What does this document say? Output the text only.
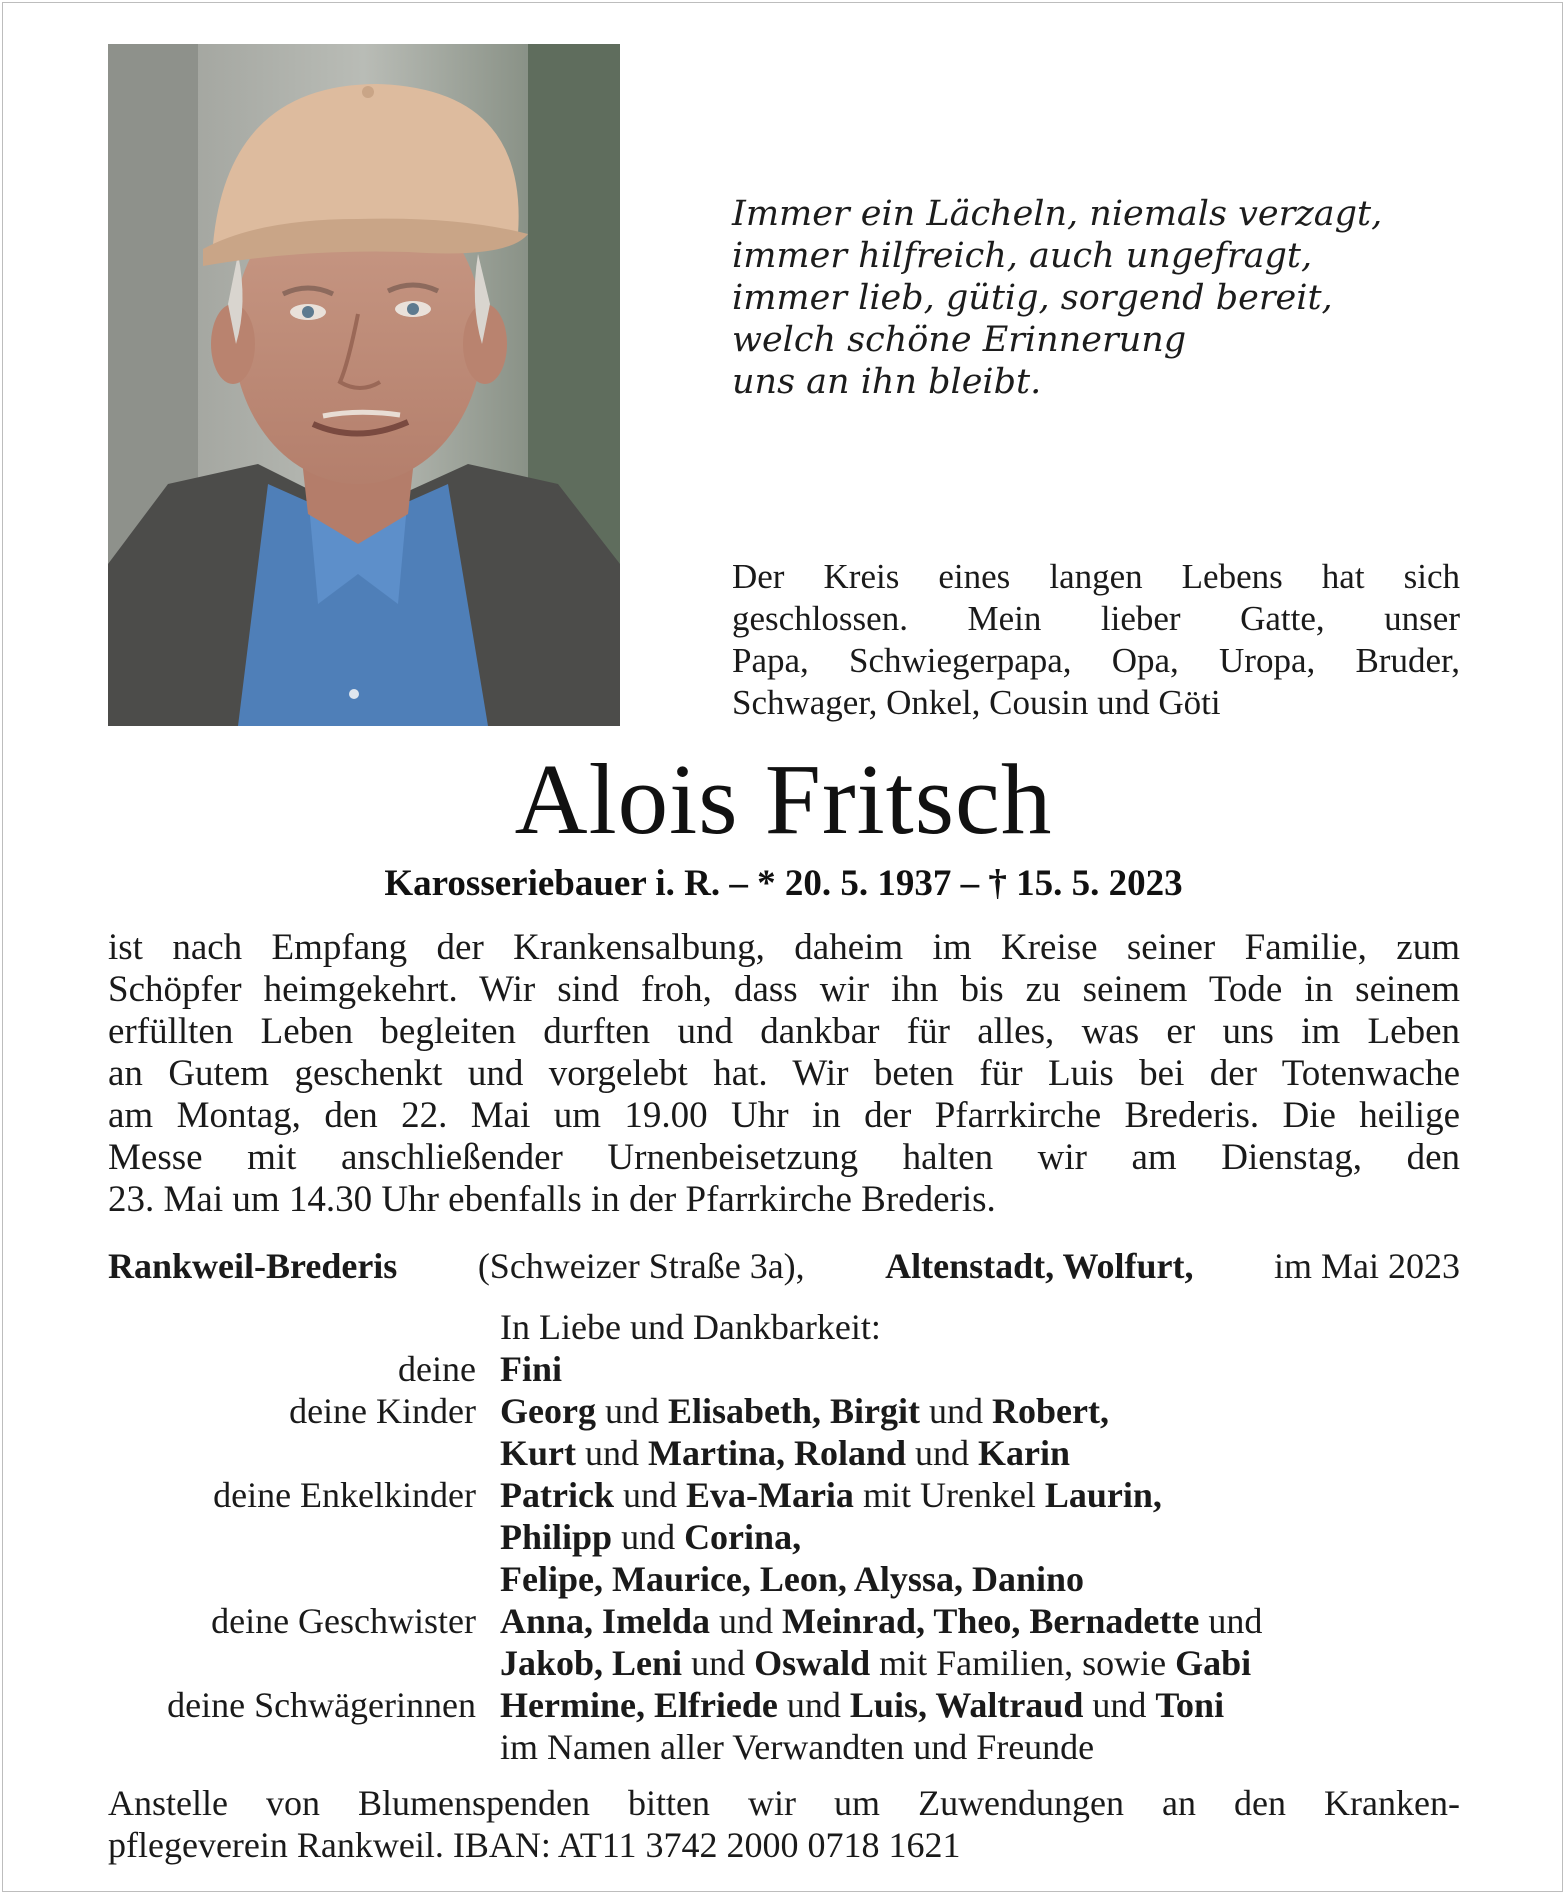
Immer ein Lächeln, niemals verzagt,
immer hilfreich, auch ungefragt,
immer lieb, gütig, sorgend bereit,
welch schöne Erinnerung
uns an ihn bleibt.
Der Kreis eines langen Lebens hat sich
geschlossen. Mein lieber Gatte, unser
Papa, Schwiegerpapa, Opa, Uropa, Bruder,
Schwager, Onkel, Cousin und Göti
Alois Fritsch
Karosseriebauer i. R. – * 20. 5. 1937 – † 15. 5. 2023
ist nach Empfang der Krankensalbung, daheim im Kreise seiner Familie, zum
Schöpfer heimgekehrt. Wir sind froh, dass wir ihn bis zu seinem Tode in seinem
erfüllten Leben begleiten durften und dankbar für alles, was er uns im Leben
an Gutem geschenkt und vorgelebt hat. Wir beten für Luis bei der Totenwache
am Montag, den 22. Mai um 19.00 Uhr in der Pfarrkirche Brederis. Die heilige
Messe mit anschließender Urnenbeisetzung halten wir am Dienstag, den
23. Mai um 14.30 Uhr ebenfalls in der Pfarrkirche Brederis.
Rankweil-Brederis (Schweizer Straße 3a), Altenstadt, Wolfurt, im Mai 2023
In Liebe und Dankbarkeit:
deine Fini
deine Kinder Georg und Elisabeth, Birgit und Robert,
Kurt und Martina, Roland und Karin
deine Enkelkinder Patrick und Eva-Maria mit Urenkel Laurin,
Philipp und Corina,
Felipe, Maurice, Leon, Alyssa, Danino
deine Geschwister Anna, Imelda und Meinrad, Theo, Bernadette und
Jakob, Leni und Oswald mit Familien, sowie Gabi
deine Schwägerinnen Hermine, Elfriede und Luis, Waltraud und Toni
im Namen aller Verwandten und Freunde
Anstelle von Blumenspenden bitten wir um Zuwendungen an den Kranken-
pflegeverein Rankweil. IBAN: AT11 3742 2000 0718 1621
